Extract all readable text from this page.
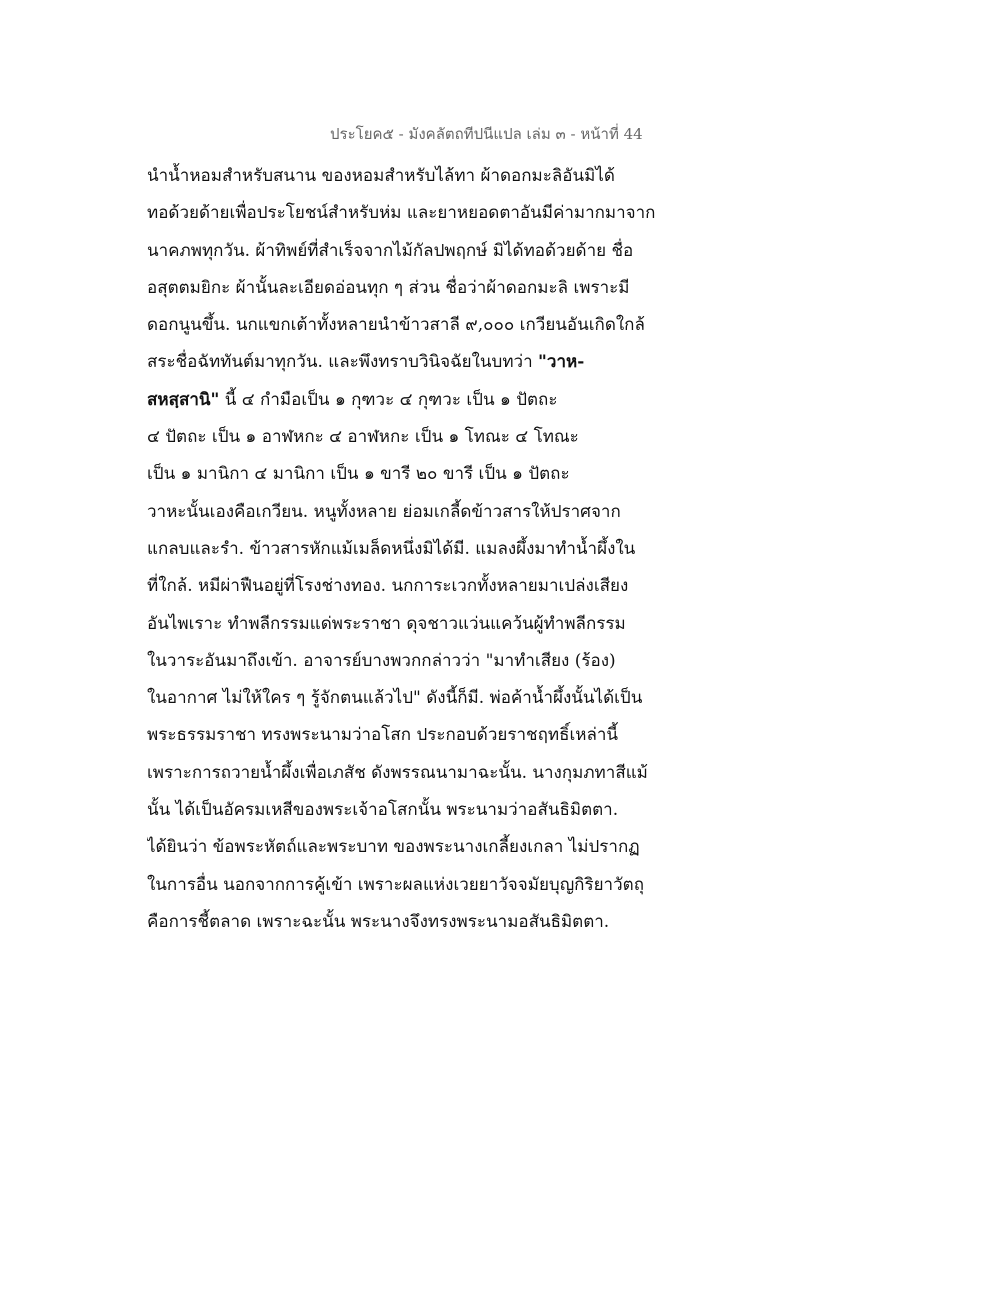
ประโยค๕ - มังคลัตถทีปนีแปล เล่ม ๓ - หน้าที่ 44
นำน้ำหอมสำหรับสนาน ของหอมสำหรับไล้ทา ผ้าดอกมะลิอันมิได้
ทอด้วยด้ายเพื่อประโยชน์สำหรับห่ม และยาหยอดตาอันมีค่ามากมาจาก
นาคภพทุกวัน. ผ้าทิพย์ที่สำเร็จจากไม้กัลปพฤกษ์ มิได้ทอด้วยด้าย ชื่อ
อสุตตมยิกะ ผ้านั้นละเอียดอ่อนทุก ๆ ส่วน ชื่อว่าผ้าดอกมะลิ เพราะมี
ดอกนูนขึ้น. นกแขกเต้าทั้งหลายนำข้าวสาลี ๙,๐๐๐ เกวียนอันเกิดใกล้
สระชื่อฉัททันต์มาทุกวัน. และพึงทราบวินิจฉัยในบทว่า "วาห-
สหสฺสานิ" นี้ ๔ กำมือเป็น ๑ กุฑวะ ๔ กุฑวะ เป็น ๑ ปัตถะ
๔ ปัตถะ เป็น ๑ อาฬหกะ ๔ อาฬหกะ เป็น ๑ โทณะ ๔ โทณะ
เป็น ๑ มานิกา ๔ มานิกา เป็น ๑ ขารี ๒๐ ขารี เป็น ๑ ปัตถะ
วาหะนั้นเองคือเกวียน. หนูทั้งหลาย ย่อมเกลี้ดข้าวสารให้ปราศจาก
แกลบและรำ. ข้าวสารหักแม้เมล็ดหนึ่งมิได้มี. แมลงผึ้งมาทำน้ำผึ้งใน
ที่ใกล้. หมีผ่าฟืนอยู่ที่โรงช่างทอง. นกการะเวกทั้งหลายมาเปล่งเสียง
อันไพเราะ ทำพลีกรรมแด่พระราชา ดุจชาวแว่นแคว้นผู้ทำพลีกรรม
ในวาระอันมาถึงเข้า. อาจารย์บางพวกกล่าวว่า "มาทำเสียง (ร้อง)
ในอากาศ ไม่ให้ใคร ๆ รู้จักตนแล้วไป" ดังนี้ก็มี. พ่อค้าน้ำผึ้งนั้นได้เป็น
พระธรรมราชา ทรงพระนามว่าอโสก ประกอบด้วยราชฤทธิ์เหล่านี้
เพราะการถวายน้ำผึ้งเพื่อเภสัช ดังพรรณนามาฉะนั้น. นางกุมภทาสีแม้
นั้น ได้เป็นอัครมเหสีของพระเจ้าอโสกนั้น พระนามว่าอสันธิมิตตา.
ได้ยินว่า ข้อพระหัตถ์และพระบาท ของพระนางเกลี้ยงเกลา ไม่ปรากฏ
ในการอื่น นอกจากการคู้เข้า เพราะผลแห่งเวยยาวัจจมัยบุญกิริยาวัตถุ
คือการชี้ตลาด เพราะฉะนั้น พระนางจึงทรงพระนามอสันธิมิตตา.
